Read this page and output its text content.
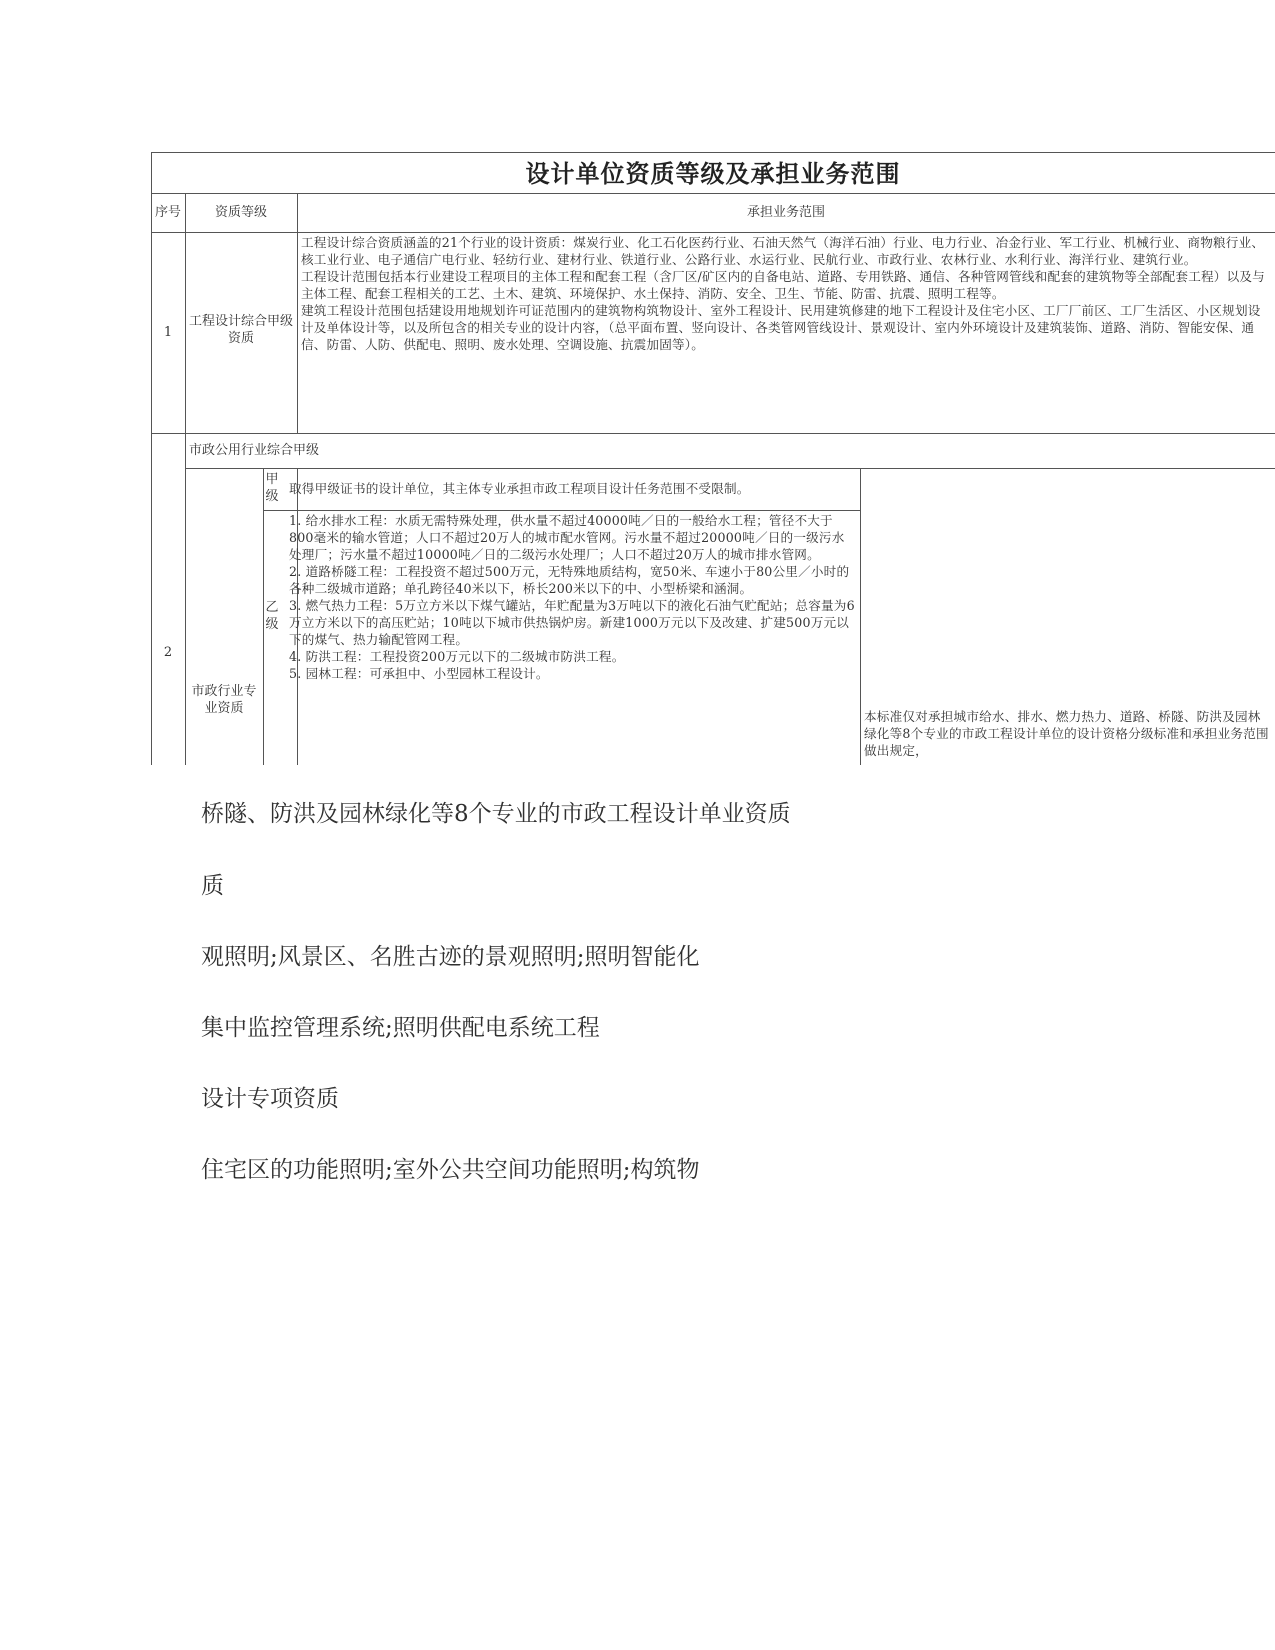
设计单位资质等级及承担业务范围
序号	资质等级	承担业务范围
1
工程设计综合甲级资质

工程设计综合资质涵盖的21个行业的设计资质：煤炭行业、化工石化医药行业、石油天然气（海洋石油）行业、电力行业、冶金行业、军工行业、机械行业、商物粮行业、核工业行业、电子通信广电行业、轻纺行业、建材行业、铁道行业、公路行业、水运行业、民航行业、市政行业、农林行业、水利行业、海洋行业、建筑行业。

工程设计范围包括本行业建设工程项目的主体工程和配套工程（含厂区/矿区内的自备电站、道路、专用铁路、通信、各种管网管线和配套的建筑物等全部配套工程）以及与主体工程、配套工程相关的工艺、土木、建筑、环境保护、水土保持、消防、安全、卫生、节能、防雷、抗震、照明工程等。

建筑工程设计范围包括建设用地规划许可证范围内的建筑物构筑物设计、室外工程设计、民用建筑修建的地下工程设计及住宅小区、工厂厂前区、工厂生活区、小区规划设计及单体设计等，以及所包含的相关专业的设计内容，（总平面布置、竖向设计、各类管网管线设计、景观设计、室内外环境设计及建筑装饰、道路、消防、智能安保、通信、防雷、人防、供配电、照明、废水处理、空调设施、抗震加固等）。

市政公用行业综合甲级
2
市政行业专业资质
甲级
取得甲级证书的设计单位，其主体专业承担市政工程项目设计任务范围不受限制。
乙级

1. 给水排水工程：水质无需特殊处理，供水量不超过40000吨／日的一般给水工程；管径不大于800毫米的输水管道；人口不超过20万人的城市配水管网。污水量不超过20000吨／日的一级污水处理厂；污水量不超过10000吨／日的二级污水处理厂；人口不超过20万人的城市排水管网。

2. 道路桥隧工程：工程投资不超过500万元，无特殊地质结构，宽50米、车速小于80公里／小时的各种二级城市道路；单孔跨径40米以下，桥长200米以下的中、小型桥梁和涵洞。

3. 燃气热力工程：5万立方米以下煤气罐站，年贮配量为3万吨以下的液化石油气贮配站；总容量为6万立方米以下的高压贮站；10吨以下城市供热锅炉房。新建1000万元以下及改建、扩建500万元以下的煤气、热力输配管网工程。

4. 防洪工程：工程投资200万元以下的二级城市防洪工程。

5. 园林工程：可承担中、小型园林工程设计。

本标准仅对承担城市给水、排水、燃力热力、道路、桥隧、防洪及园林绿化等8个专业的市政工程设计单位的设计资格分级标准和承担业务范围做出规定，
桥隧、防洪及园林绿化等8个专业的市政工程设计单业资质
质
观照明;风景区、名胜古迹的景观照明;照明智能化
集中监控管理系统;照明供配电系统工程
设计专项资质
住宅区的功能照明;室外公共空间功能照明;构筑物
